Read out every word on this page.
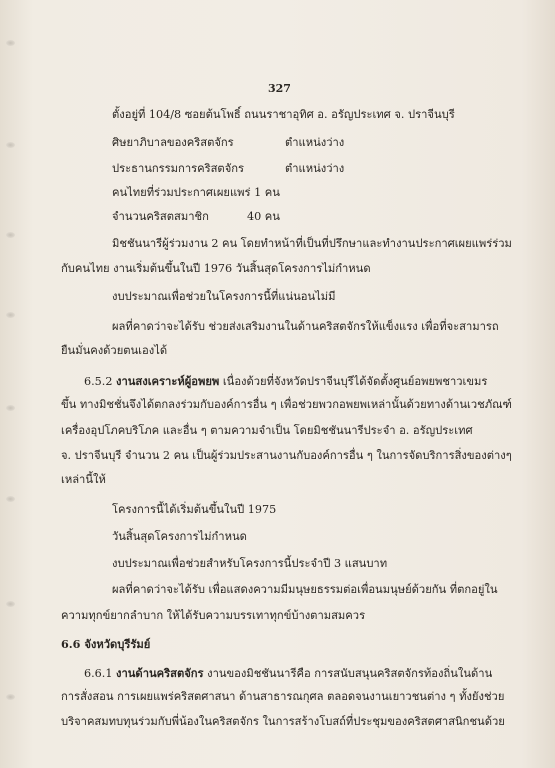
327
ตั้งอยู่ที่ 104/8 ซอยต้นโพธิ์ ถนนราชาอุทิศ อ. อรัญประเทศ จ. ปราจีนบุรี
ศิษยาภิบาลของคริสตจักร	ตำแหน่งว่าง
ประธานกรรมการคริสตจักร	ตำแหน่งว่าง
คนไทยที่ร่วมประกาศเผยแพร่ 1 คน
จำนวนคริสตสมาชิก	40 คน
มิชชันนารีผู้ร่วมงาน 2 คน โดยทำหน้าที่เป็นที่ปรึกษาและทำงานประกาศเผยแพร่ร่วม
กับคนไทย งานเริ่มต้นขึ้นในปี 1976 วันสิ้นสุดโครงการไม่กำหนด
งบประมาณเพื่อช่วยในโครงการนี้ที่แน่นอนไม่มี
ผลที่คาดว่าจะได้รับ ช่วยส่งเสริมงานในด้านคริสตจักรให้แข็งแรง เพื่อที่จะสามารถ
ยืนมั่นคงด้วยตนเองได้
6.5.2 งานสงเคราะห์ผู้อพยพ เนื่องด้วยที่จังหวัดปราจีนบุรีได้จัดตั้งศูนย์อพยพชาวเขมร
ขึ้น ทางมิชชั่นจึงได้ตกลงร่วมกับองค์การอื่น ๆ เพื่อช่วยพวกอพยพเหล่านั้นด้วยทางด้านเวชภัณฑ์
เครื่องอุปโภคบริโภค และอื่น ๆ ตามความจำเป็น โดยมิชชันนารีประจำ อ. อรัญประเทศ
จ. ปราจีนบุรี จำนวน 2 คน เป็นผู้ร่วมประสานงานกับองค์การอื่น ๆ ในการจัดบริการสิ่งของต่างๆ
เหล่านี้ให้
โครงการนี้ได้เริ่มต้นขึ้นในปี 1975
วันสิ้นสุดโครงการไม่กำหนด
งบประมาณเพื่อช่วยสำหรับโครงการนี้ประจำปี 3 แสนบาท
ผลที่คาดว่าจะได้รับ เพื่อแสดงความมีมนุษยธรรมต่อเพื่อนมนุษย์ด้วยกัน ที่ตกอยู่ใน
ความทุกข์ยากลำบาก ให้ได้รับความบรรเทาทุกข์บ้างตามสมควร
6.6 จังหวัดบุรีรัมย์
6.6.1 งานด้านคริสตจักร งานของมิชชันนารีคือ การสนับสนุนคริสตจักรท้องถิ่นในด้าน
การสั่งสอน การเผยแพร่คริสตศาสนา ด้านสาธารณกุศล ตลอดจนงานเยาวชนต่าง ๆ ทั้งยังช่วย
บริจาคสมทบทุนร่วมกับพี่น้องในคริสตจักร ในการสร้างโบสถ์ที่ประชุมของคริสตศาสนิกชนด้วย
